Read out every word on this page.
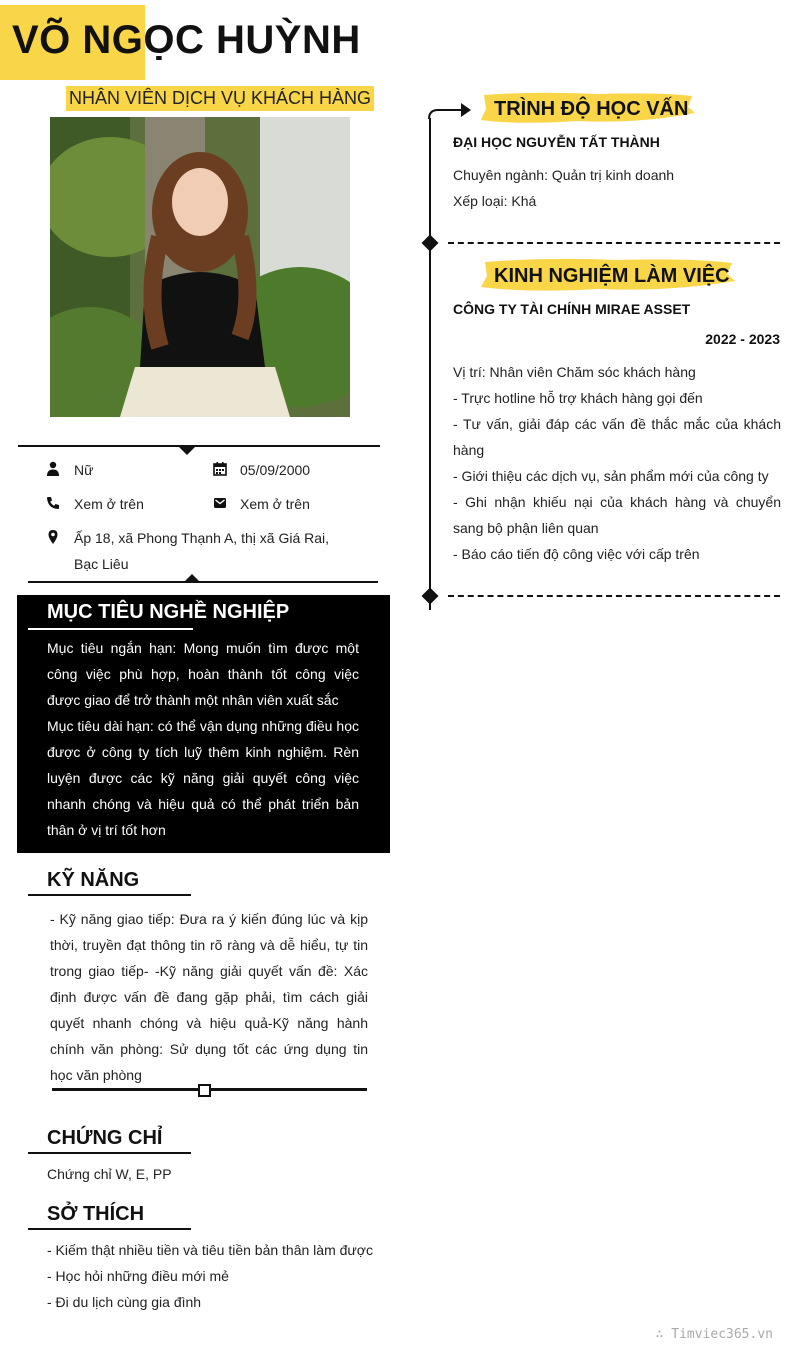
VÕ NGỌC HUỲNH
NHÂN VIÊN DỊCH VỤ KHÁCH HÀNG
Nữ	05/09/2000
Xem ở trên	Xem ở trên
Ấp 18, xã Phong Thạnh A, thị xã Giá Rai,
Bạc Liêu
MỤC TIÊU NGHỀ NGHIỆP
Mục tiêu ngắn hạn: Mong muốn tìm được một công việc phù hợp, hoàn thành tốt công việc được giao để trở thành một nhân viên xuất sắc
Mục tiêu dài hạn: có thể vận dụng những điều học được ở công ty tích luỹ thêm kinh nghiệm. Rèn luyện được các kỹ năng giải quyết công việc nhanh chóng và hiệu quả có thể phát triển bản thân ở vị trí tốt hơn
KỸ NĂNG
- Kỹ năng giao tiếp: Đưa ra ý kiến đúng lúc và kịp thời, truyền đạt thông tin rõ ràng và dễ hiểu, tự tin trong giao tiếp- -Kỹ năng giải quyết vấn đề: Xác định được vấn đề đang gặp phải, tìm cách giải quyết nhanh chóng và hiệu quả-Kỹ năng hành chính văn phòng: Sử dụng tốt các ứng dụng tin học văn phòng
CHỨNG CHỈ
Chứng chỉ W, E, PP
SỞ THÍCH
- Kiếm thật nhiều tiền và tiêu tiền bản thân làm được
- Học hỏi những điều mới mẻ
- Đi du lịch cùng gia đình
TRÌNH ĐỘ HỌC VẤN
ĐẠI HỌC NGUYỄN TẤT THÀNH
Chuyên ngành: Quản trị kinh doanh
Xếp loại: Khá
KINH NGHIỆM LÀM VIỆC
CÔNG TY TÀI CHÍNH MIRAE ASSET
2022 - 2023
Vị trí: Nhân viên Chăm sóc khách hàng
- Trực hotline hỗ trợ khách hàng gọi đến
- Tư vấn, giải đáp các vấn đề thắc mắc của khách hàng
- Giới thiệu các dịch vụ, sản phẩm mới của công ty
- Ghi nhận khiếu nại của khách hàng và chuyển sang bộ phận liên quan
- Báo cáo tiến độ công việc với cấp trên
∴ Timviec365.vn
